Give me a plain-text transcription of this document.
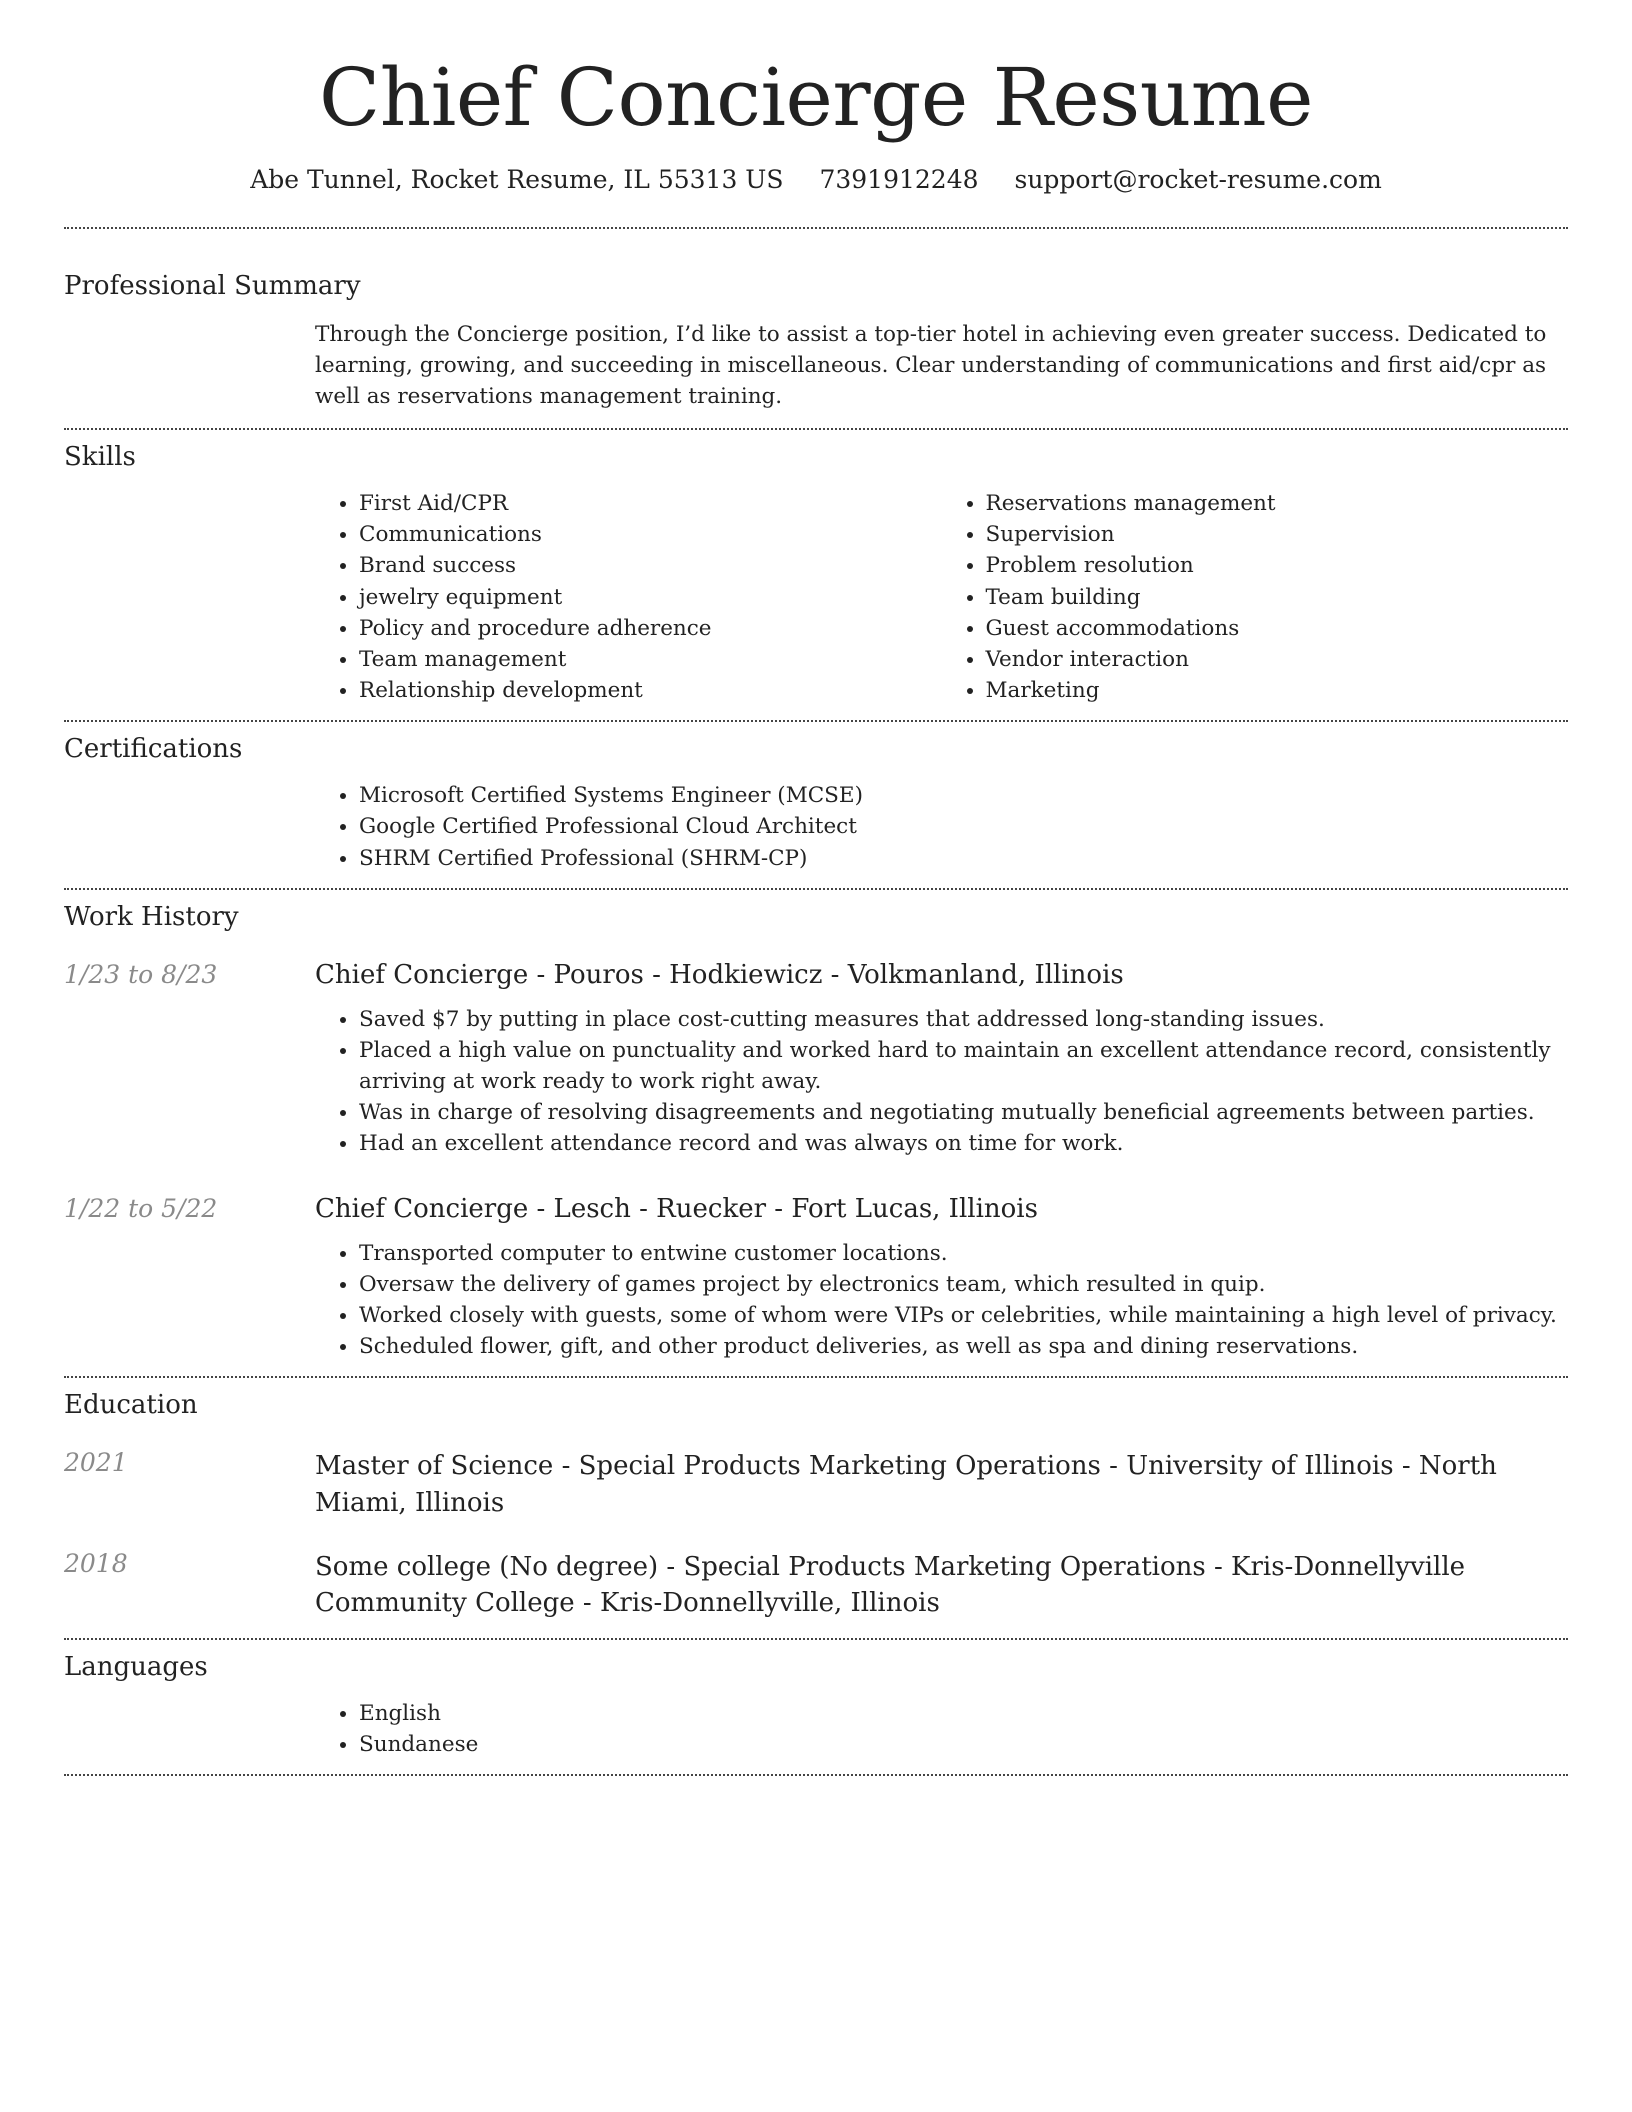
Chief Concierge Resume
Abe Tunnel, Rocket Resume, IL 55313 US 7391912248 support@rocket-resume.com
Professional Summary

Through the Concierge position, I’d like to assist a top-tier hotel in achieving even greater success. Dedicated to learning, growing, and succeeding in miscellaneous. Clear understanding of communications and first aid/cpr as well as reservations management training.

Skills
• First Aid/CPR
• Communications
• Brand success
• jewelry equipment
• Policy and procedure adherence
• Team management
• Relationship development
• Reservations management
• Supervision
• Problem resolution
• Team building
• Guest accommodations
• Vendor interaction
• Marketing
Certifications
• Microsoft Certified Systems Engineer (MCSE)
• Google Certified Professional Cloud Architect
• SHRM Certified Professional (SHRM-CP)
Work History
1/23 to 8/23	Chief Concierge - Pouros - Hodkiewicz - Volkmanland, Illinois
• Saved $7 by putting in place cost-cutting measures that addressed long-standing issues.
• Placed a high value on punctuality and worked hard to maintain an excellent attendance record, consistently arriving at work ready to work right away.
• Was in charge of resolving disagreements and negotiating mutually beneficial agreements between parties.
• Had an excellent attendance record and was always on time for work.
1/22 to 5/22	Chief Concierge - Lesch - Ruecker - Fort Lucas, Illinois
• Transported computer to entwine customer locations.
• Oversaw the delivery of games project by electronics team, which resulted in quip.
• Worked closely with guests, some of whom were VIPs or celebrities, while maintaining a high level of privacy.
• Scheduled flower, gift, and other product deliveries, as well as spa and dining reservations.
Education
2021	Master of Science - Special Products Marketing Operations - University of Illinois - North Miami, Illinois
2018	Some college (No degree) - Special Products Marketing Operations - Kris-Donnellyville Community College - Kris-Donnellyville, Illinois
Languages
• English
• Sundanese
